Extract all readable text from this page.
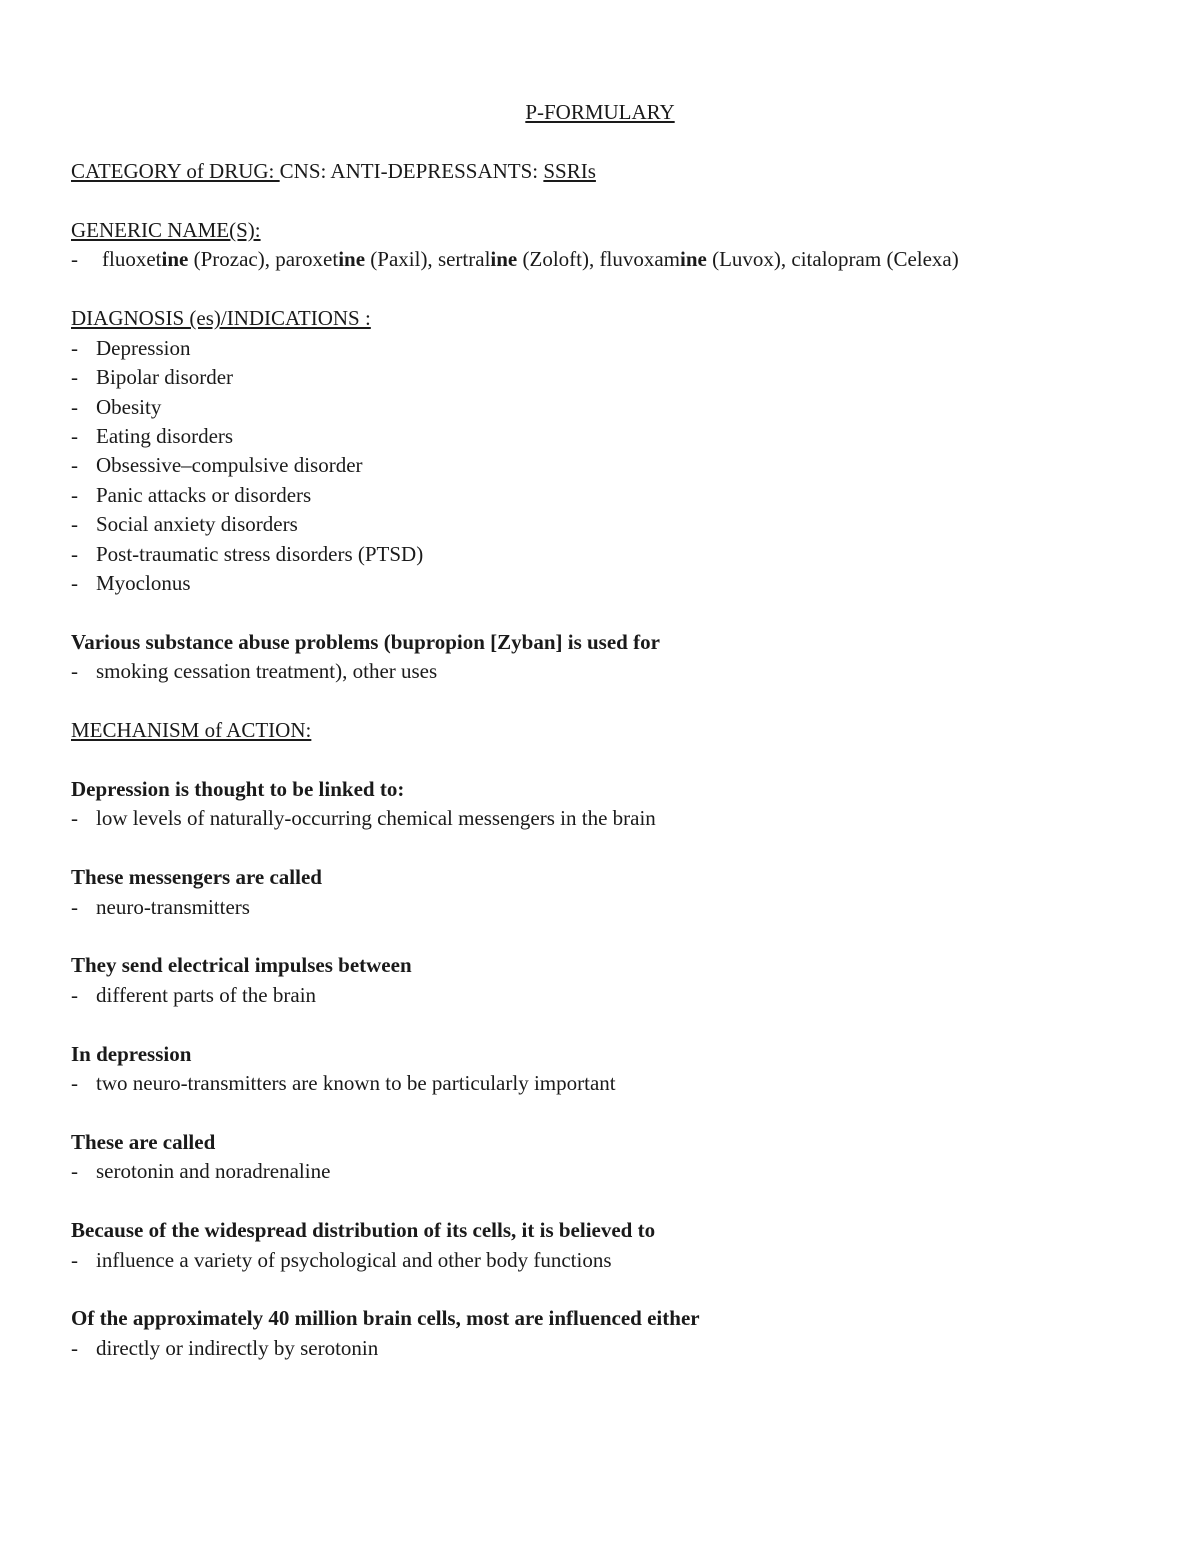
P-FORMULARY
CATEGORY of DRUG: CNS: ANTI-DEPRESSANTS: SSRIs
GENERIC NAME(S):
- fluoxetine (Prozac), paroxetine (Paxil), sertraline (Zoloft), fluvoxamine (Luvox), citalopram (Celexa)
DIAGNOSIS (es)/INDICATIONS :
- Depression
- Bipolar disorder
- Obesity
- Eating disorders
- Obsessive–compulsive disorder
- Panic attacks or disorders
- Social anxiety disorders
- Post-traumatic stress disorders (PTSD)
- Myoclonus
Various substance abuse problems (bupropion [Zyban] is used for
- smoking cessation treatment), other uses
MECHANISM of ACTION:
Depression is thought to be linked to:
- low levels of naturally-occurring chemical messengers in the brain
These messengers are called
- neuro-transmitters
They send electrical impulses between
- different parts of the brain
In depression
- two neuro-transmitters are known to be particularly important
These are called
- serotonin and noradrenaline
Because of the widespread distribution of its cells, it is believed to
- influence a variety of psychological and other body functions
Of the approximately 40 million brain cells, most are influenced either
- directly or indirectly by serotonin
